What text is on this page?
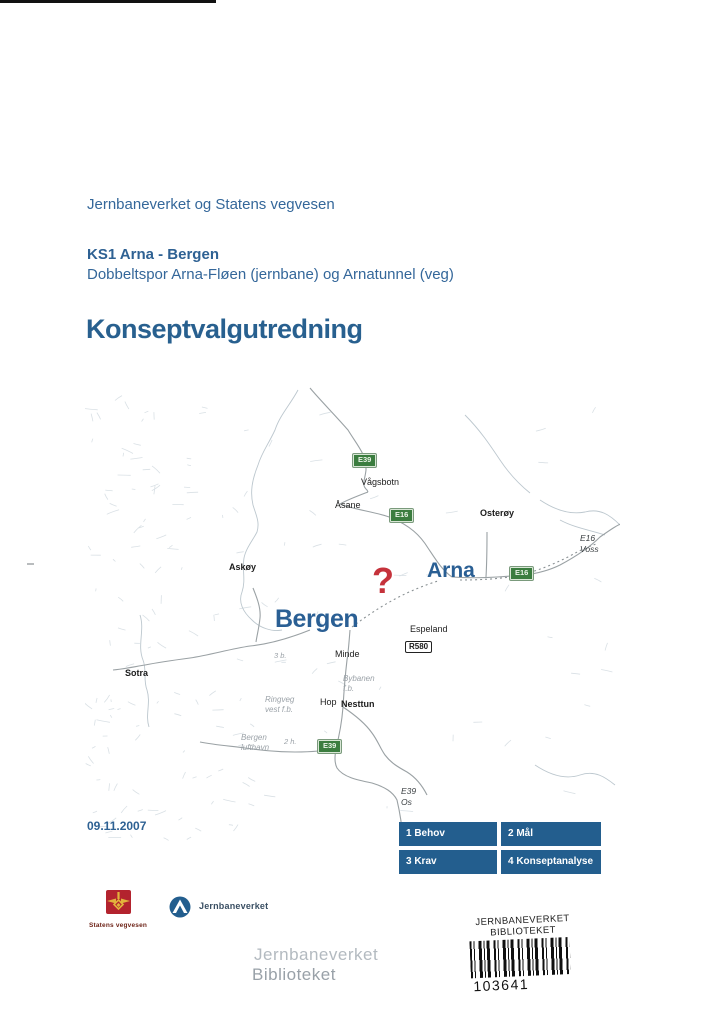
Jernbaneverket og Statens vegvesen
KS1 Arna - Bergen
Dobbeltspor Arna-Fløen (jernbane) og Arnatunnel (veg)
Konseptvalgutredning
Bergen
Arna
?
Vågsbotn
Åsane
Osterøy
Askøy
Espeland
Minde
Sotra
Hop Nesttun
E16
Voss
E39
Os
Bybanen
f.b.
Ringveg
vest f.b.
Bergen
lufthavn
2 h.
3 b.
E39
E16
E16
E39
R580
09.11.2007
1 Behov	2 Mål
3 Krav	4 Konseptanalyse
Statens vegvesen
Jernbaneverket
Jernbaneverket
Biblioteket
JERNBANEVERKET
BIBLIOTEKET
103641
